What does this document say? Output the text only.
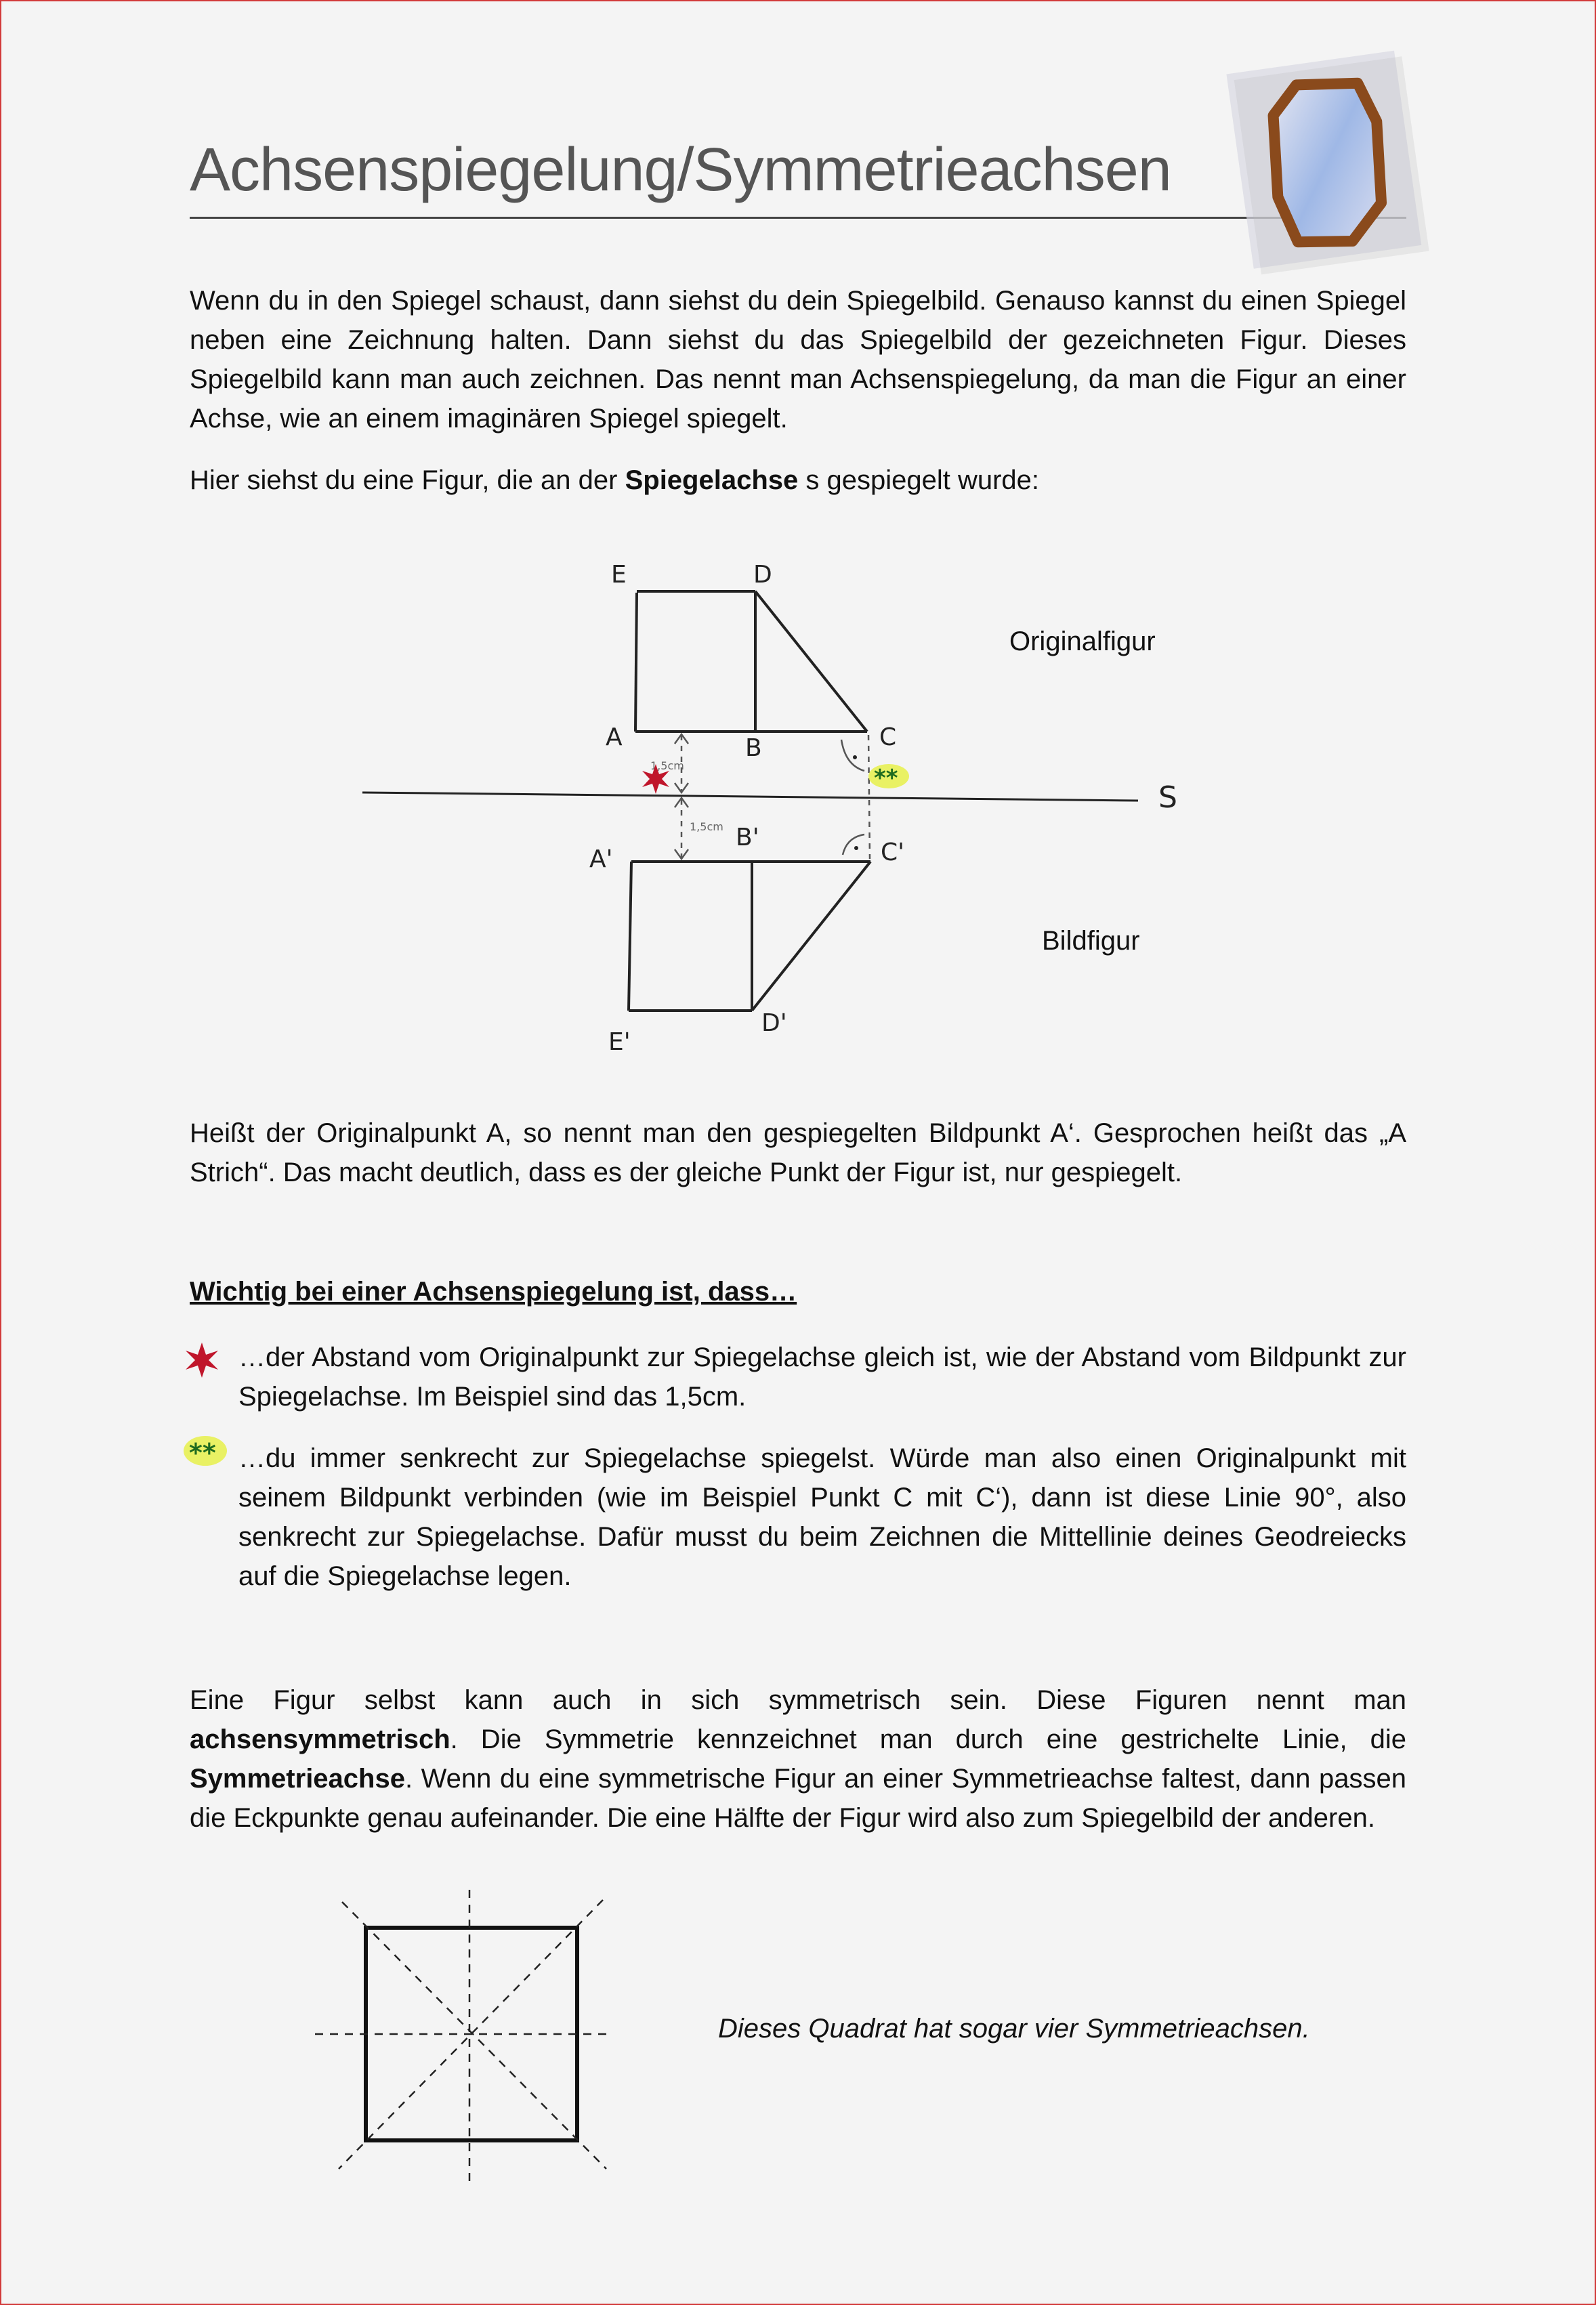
Achsenspiegelung/Symmetrieachsen

Wenn du in den Spiegel schaust, dann siehst du dein Spiegelbild. Genauso kannst du einen Spiegel neben eine Zeichnung halten. Dann siehst du das Spiegelbild der gezeichneten Figur. Dieses Spiegelbild kann man auch zeichnen. Das nennt man Achsenspiegelung, da man die Figur an einer Achse, wie an einem imaginären Spiegel spiegelt.

Hier siehst du eine Figur, die an der Spiegelachse s gespiegelt wurde:
1,5cm
1,5cm
**
E	D
A	B	C
S
A'
B'
C'
E'
D'
Originalfigur
Bildfigur

Heißt der Originalpunkt A, so nennt man den gespiegelten Bildpunkt A‘. Gesprochen heißt das „A Strich“. Das macht deutlich, dass es der gleiche Punkt der Figur ist, nur gespiegelt.

Wichtig bei einer Achsenspiegelung ist, dass…
…der Abstand vom Originalpunkt zur Spiegelachse gleich ist, wie der Abstand vom Bildpunkt zur Spiegelachse. Im Beispiel sind das 1,5cm.
** …du immer senkrecht zur Spiegelachse spiegelst. Würde man also einen Originalpunkt mit seinem Bildpunkt verbinden (wie im Beispiel Punkt C mit C‘), dann ist diese Linie 90°, also senkrecht zur Spiegelachse. Dafür musst du beim Zeichnen die Mittellinie deines Geodreiecks auf die Spiegelachse legen.

Eine Figur selbst kann auch in sich symmetrisch sein. Diese Figuren nennt man achsensymmetrisch. Die Symmetrie kennzeichnet man durch eine gestrichelte Linie, die Symmetrieachse. Wenn du eine symmetrische Figur an einer Symmetrieachse faltest, dann passen die Eckpunkte genau aufeinander. Die eine Hälfte der Figur wird also zum Spiegelbild der anderen.

Dieses Quadrat hat sogar vier Symmetrieachsen.
